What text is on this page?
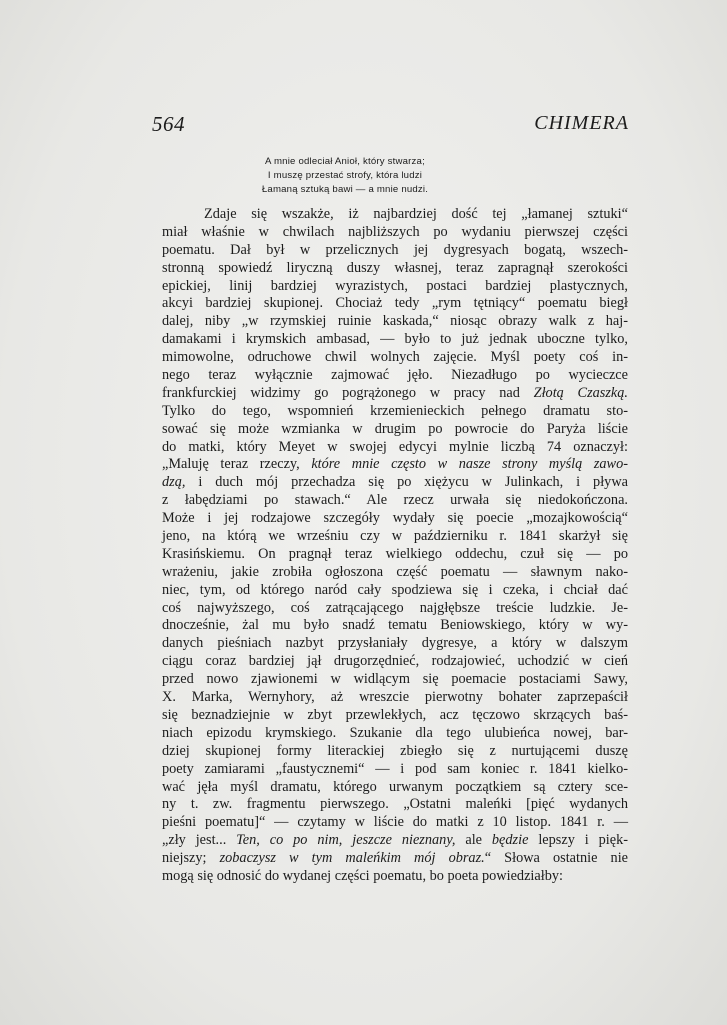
564	CHIMERA
A mnie odleciał Anioł, który stwarza;
I muszę przestać strofy, która ludzi
Łamaną sztuką bawi — a mnie nudzi.
Zdaje się wszakże, iż najbardziej dość tej „łamanej sztuki“
miał właśnie w chwilach najbliższych po wydaniu pierwszej części
poematu. Dał był w przelicznych jej dygresyach bogatą, wszech-
stronną spowiedź liryczną duszy własnej, teraz zapragnął szerokości
epickiej, linij bardziej wyrazistych, postaci bardziej plastycznych,
akcyi bardziej skupionej. Chociaż tedy „rym tętniący“ poematu biegł
dalej, niby „w rzymskiej ruinie kaskada,“ niosąc obrazy walk z haj-
damakami i krymskich ambasad, — było to już jednak uboczne tylko,
mimowolne, odruchowe chwil wolnych zajęcie. Myśl poety coś in-
nego teraz wyłącznie zajmować jęło. Niezadługo po wycieczce
frankfurckiej widzimy go pogrążonego w pracy nad Złotą Czaszką.
Tylko do tego, wspomnień krzemienieckich pełnego dramatu sto-
sować się może wzmianka w drugim po powrocie do Paryża liście
do matki, który Meyet w swojej edycyi mylnie liczbą 74 oznaczył:
„Maluję teraz rzeczy, które mnie często w nasze strony myślą zawo-
dzą, i duch mój przechadza się po xiężycu w Julinkach, i pływa
z łabędziami po stawach.“ Ale rzecz urwała się niedokończona.
Może i jej rodzajowe szczegóły wydały się poecie „mozajkowością“
jeno, na którą we wrześniu czy w październiku r. 1841 skarżył się
Krasińskiemu. On pragnął teraz wielkiego oddechu, czuł się — po
wrażeniu, jakie zrobiła ogłoszona część poematu — sławnym nako-
niec, tym, od którego naród cały spodziewa się i czeka, i chciał dać
coś najwyższego, coś zatrącającego najgłębsze treście ludzkie. Je-
dnocześnie, żal mu było snadź tematu Beniowskiego, który w wy-
danych pieśniach nazbyt przysłaniały dygresye, a który w dalszym
ciągu coraz bardziej jął drugorzędnieć, rodzajowieć, uchodzić w cień
przed nowo zjawionemi w widlącym się poemacie postaciami Sawy,
X. Marka, Wernyhory, aż wreszcie pierwotny bohater zaprzepaścił
się beznadziejnie w zbyt przewlekłych, acz tęczowo skrzących baś-
niach epizodu krymskiego. Szukanie dla tego ulubieńca nowej, bar-
dziej skupionej formy literackiej zbiegło się z nurtującemi duszę
poety zamiarami „faustycznemi“ — i pod sam koniec r. 1841 kielko-
wać jęła myśl dramatu, którego urwanym początkiem są cztery sce-
ny t. zw. fragmentu pierwszego. „Ostatni maleńki [pięć wydanych
pieśni poematu]“ — czytamy w liście do matki z 10 listop. 1841 r. —
„zły jest... Ten, co po nim, jeszcze nieznany, ale będzie lepszy i pięk-
niejszy; zobaczysz w tym maleńkim mój obraz.“ Słowa ostatnie nie
mogą się odnosić do wydanej części poematu, bo poeta powiedziałby:
